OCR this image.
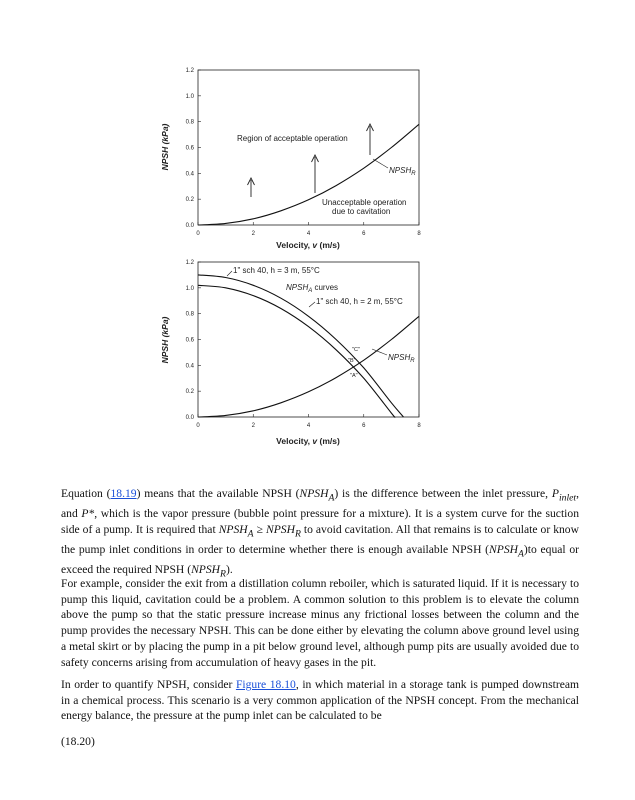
0	2	4	6	8
0.0
0.2
0.4
0.6
0.8
1.0
1.2
Region of acceptable operation
Unacceptable operation
due to cavitation
$NPSH_R$
NPSH (kPa)
Velocity, v (m/s)
0	2	4	6	8
0.0
0.2
0.4
0.6
0.8
1.0
1.2
1" sch 40, h = 3 m, 55°C
$NPSH_A$ curves
1" sch 40, h = 2 m, 55°C
$NPSH_R$
"C"
"B"
"A"
NPSH (kPa)
Velocity, v (m/s)

Equation (18.19) means that the available NPSH $(NPSH_A)$ is the difference between the inlet pressure, $P_{inlet}$, and P*, which is the vapor pressure (bubble point pressure for a mixture). It is a system curve for the suction side of a pump. It is required that $NPSH_A$ ≥ $NPSH_R$ to avoid cavitation. All that remains is to calculate or know the pump inlet conditions in order to determine whether there is enough available NPSH $(NPSH_A)to$ equal or exceed the required NPSH $(NPSH_R)$.

For example, consider the exit from a distillation column reboiler, which is saturated liquid. If it is necessary to pump this liquid, cavitation could be a problem. A common solution to this problem is to elevate the column above the pump so that the static pressure increase minus any frictional losses between the column and the pump provides the necessary NPSH. This can be done either by elevating the column above ground level using a metal skirt or by placing the pump in a pit below ground level, although pump pits are usually avoided due to safety concerns arising from accumulation of heavy gases in the pit.

In order to quantify NPSH, consider Figure 18.10, in which material in a storage tank is pumped downstream in a chemical process. This scenario is a very common application of the NPSH concept. From the mechanical energy balance, the pressure at the pump inlet can be calculated to be

(18.20)
